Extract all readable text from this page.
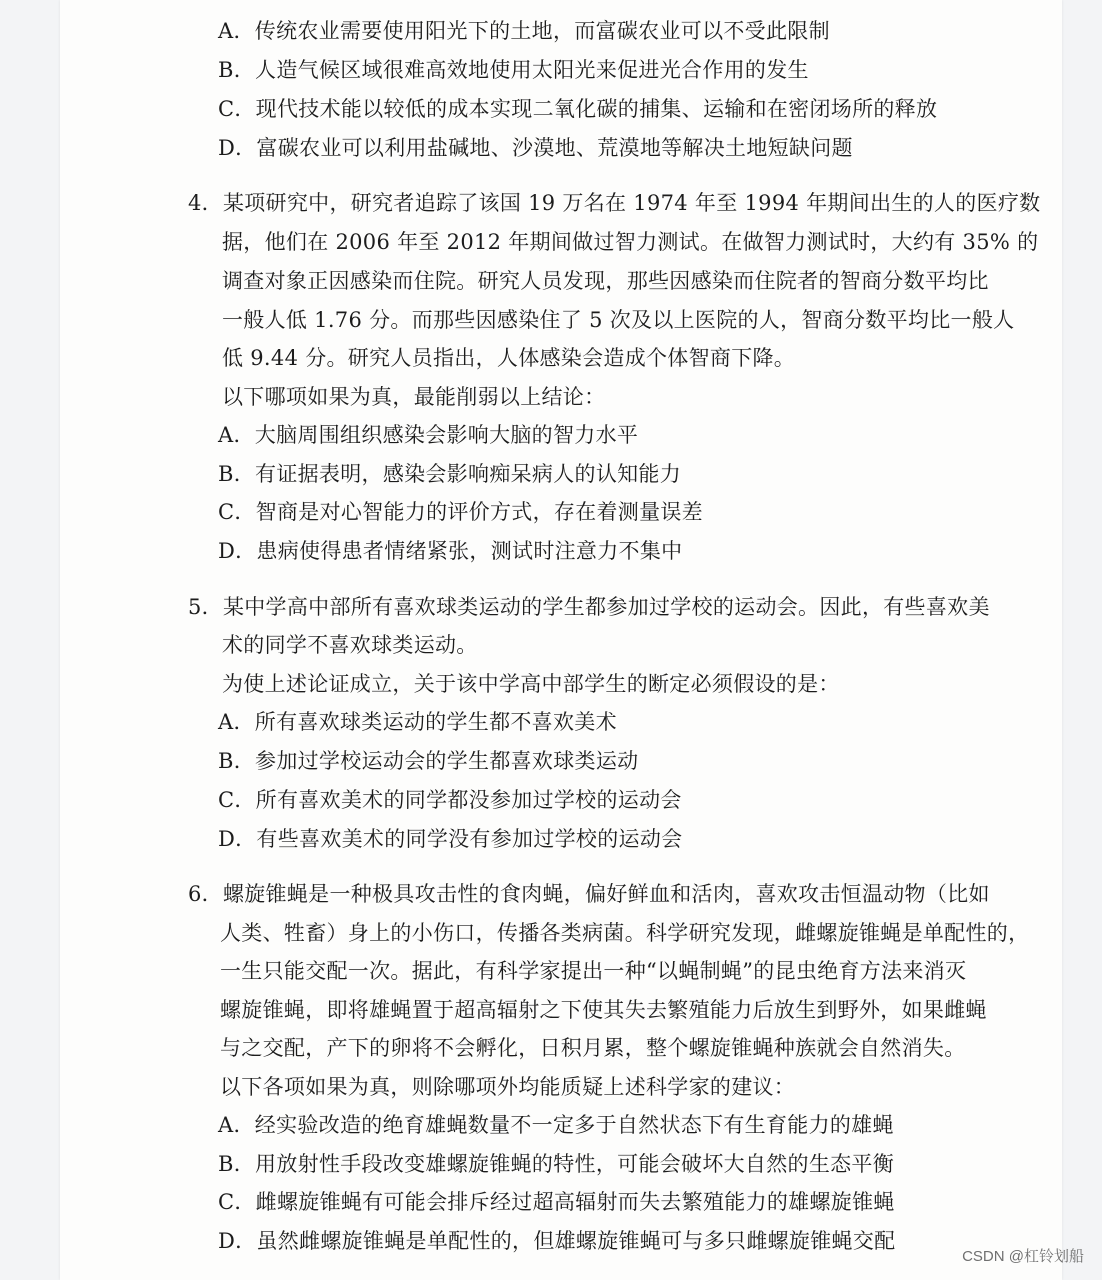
A．传统农业需要使用阳光下的土地，而富碳农业可以不受此限制
B．人造气候区域很难高效地使用太阳光来促进光合作用的发生
C．现代技术能以较低的成本实现二氧化碳的捕集、运输和在密闭场所的释放
D．富碳农业可以利用盐碱地、沙漠地、荒漠地等解决土地短缺问题
4．某项研究中，研究者追踪了该国 19 万名在 1974 年至 1994 年期间出生的人的医疗数
据，他们在 2006 年至 2012 年期间做过智力测试。在做智力测试时，大约有 35% 的
调查对象正因感染而住院。研究人员发现，那些因感染而住院者的智商分数平均比
一般人低 1.76 分。而那些因感染住了 5 次及以上医院的人，智商分数平均比一般人
低 9.44 分。研究人员指出，人体感染会造成个体智商下降。
以下哪项如果为真，最能削弱以上结论：
A．大脑周围组织感染会影响大脑的智力水平
B．有证据表明，感染会影响痴呆病人的认知能力
C．智商是对心智能力的评价方式，存在着测量误差
D．患病使得患者情绪紧张，测试时注意力不集中
5．某中学高中部所有喜欢球类运动的学生都参加过学校的运动会。因此，有些喜欢美
术的同学不喜欢球类运动。
为使上述论证成立，关于该中学高中部学生的断定必须假设的是：
A．所有喜欢球类运动的学生都不喜欢美术
B．参加过学校运动会的学生都喜欢球类运动
C．所有喜欢美术的同学都没参加过学校的运动会
D．有些喜欢美术的同学没有参加过学校的运动会
6．螺旋锥蝇是一种极具攻击性的食肉蝇，偏好鲜血和活肉，喜欢攻击恒温动物（比如
人类、牲畜）身上的小伤口，传播各类病菌。科学研究发现，雌螺旋锥蝇是单配性的，
一生只能交配一次。据此，有科学家提出一种“以蝇制蝇”的昆虫绝育方法来消灭
螺旋锥蝇，即将雄蝇置于超高辐射之下使其失去繁殖能力后放生到野外，如果雌蝇
与之交配，产下的卵将不会孵化，日积月累，整个螺旋锥蝇种族就会自然消失。
以下各项如果为真，则除哪项外均能质疑上述科学家的建议：
A．经实验改造的绝育雄蝇数量不一定多于自然状态下有生育能力的雄蝇
B．用放射性手段改变雄螺旋锥蝇的特性，可能会破坏大自然的生态平衡
C．雌螺旋锥蝇有可能会排斥经过超高辐射而失去繁殖能力的雄螺旋锥蝇
D．虽然雌螺旋锥蝇是单配性的，但雄螺旋锥蝇可与多只雌螺旋锥蝇交配
CSDN @杠铃划船
